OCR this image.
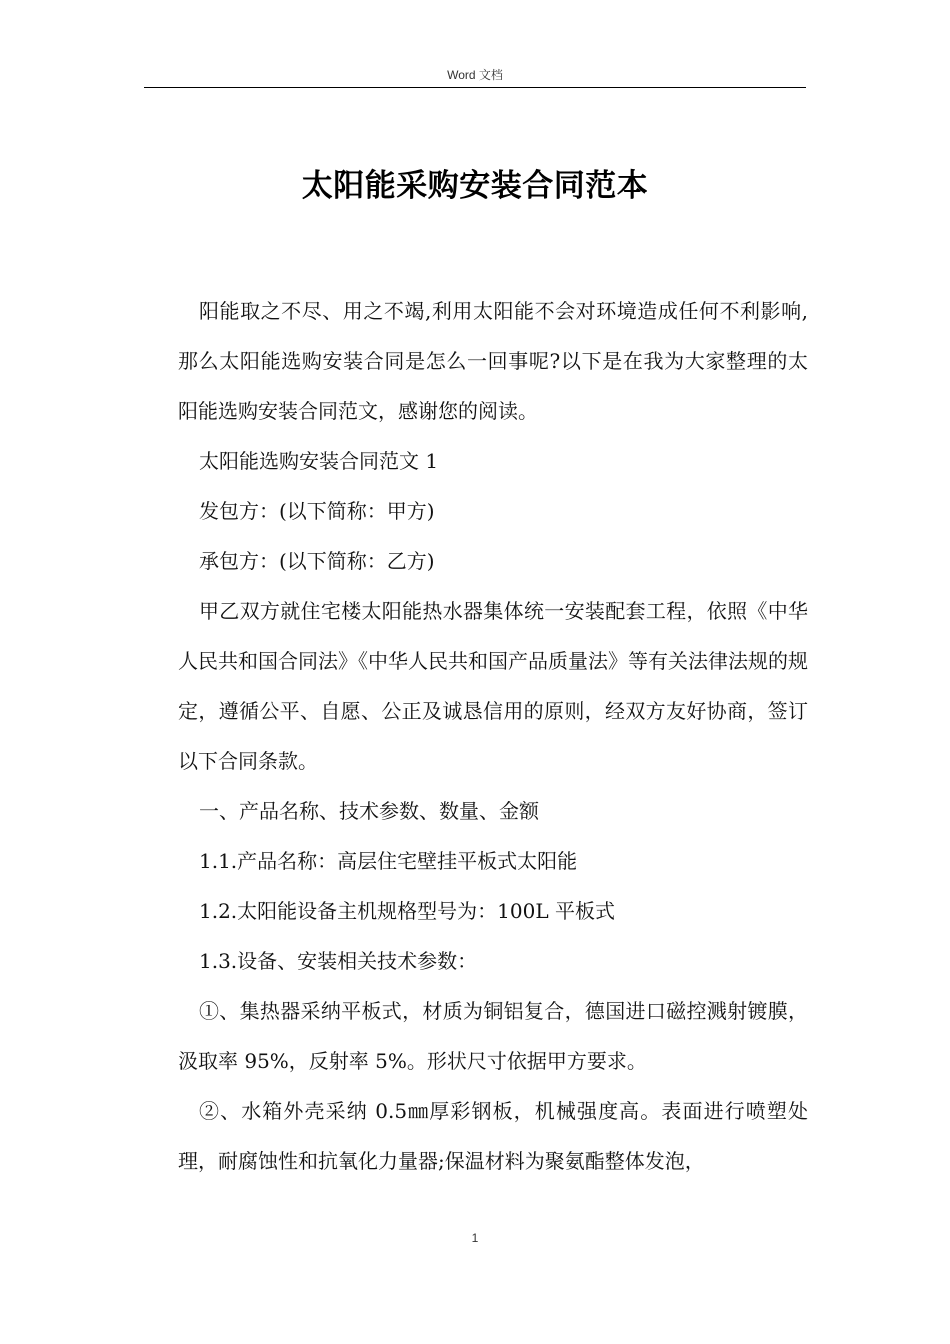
Word 文档
太阳能采购安装合同范本

阳能取之不尽、用之不竭,利用太阳能不会对环境造成任何不利影响,那么太阳能选购安装合同是怎么一回事呢?以下是在我为大家整理的太阳能选购安装合同范文，感谢您的阅读。

太阳能选购安装合同范文 1

发包方：(以下简称：甲方)

承包方：(以下简称：乙方)

甲乙双方就住宅楼太阳能热水器集体统一安装配套工程，依照《中华人民共和国合同法》《中华人民共和国产品质量法》等有关法律法规的规定，遵循公平、自愿、公正及诚恳信用的原则，经双方友好协商，签订以下合同条款。

一、产品名称、技术参数、数量、金额

1.1.产品名称：高层住宅壁挂平板式太阳能

1.2.太阳能设备主机规格型号为：100L 平板式

1.3.设备、安装相关技术参数：

①、集热器采纳平板式，材质为铜铝复合，德国进口磁控溅射镀膜，汲取率 95%，反射率 5%。形状尺寸依据甲方要求。

②、水箱外壳采纳 0.5㎜厚彩钢板，机械强度高。表面进行喷塑处理，耐腐蚀性和抗氧化力量器;保温材料为聚氨酯整体发泡，

1
